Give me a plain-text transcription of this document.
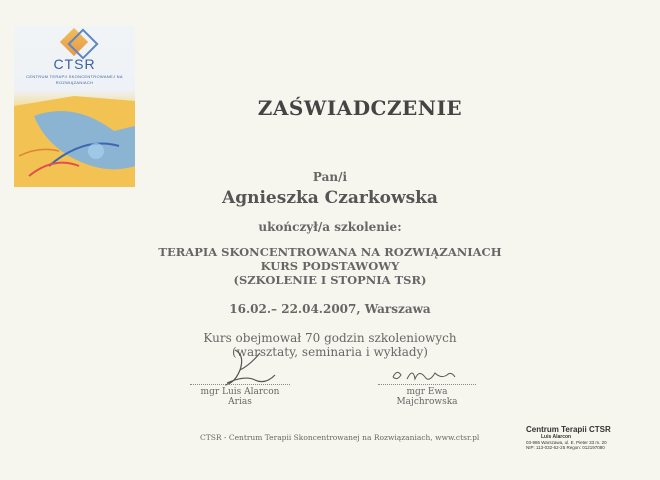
CTSR
CENTRUM TERAPII SKONCENTROWANEJ NA ROZWIĄZANIACH
ZAŚWIADCZENIE
Pan/i
Agnieszka Czarkowska
ukończył/a szkolenie:
TERAPIA SKONCENTROWANA NA ROZWIĄZANIACH
KURS PODSTAWOWY
(SZKOLENIE I STOPNIA TSR)
16.02.– 22.04.2007, Warszawa
Kurs obejmował 70 godzin szkoleniowych
(warsztaty, seminaria i wykłady)
mgr Luis Alarcon Arias
mgr Ewa Majchrowska
CTSR - Centrum Terapii Skoncentrowanej na Rozwiązaniach, www.ctsr.pl
Centrum Terapii CTSR
Luis Alarcon
03-986 Warszawa, ul. E. Pieter 33 m. 20
NIP: 113-032-62-25 Regon: 012197080
